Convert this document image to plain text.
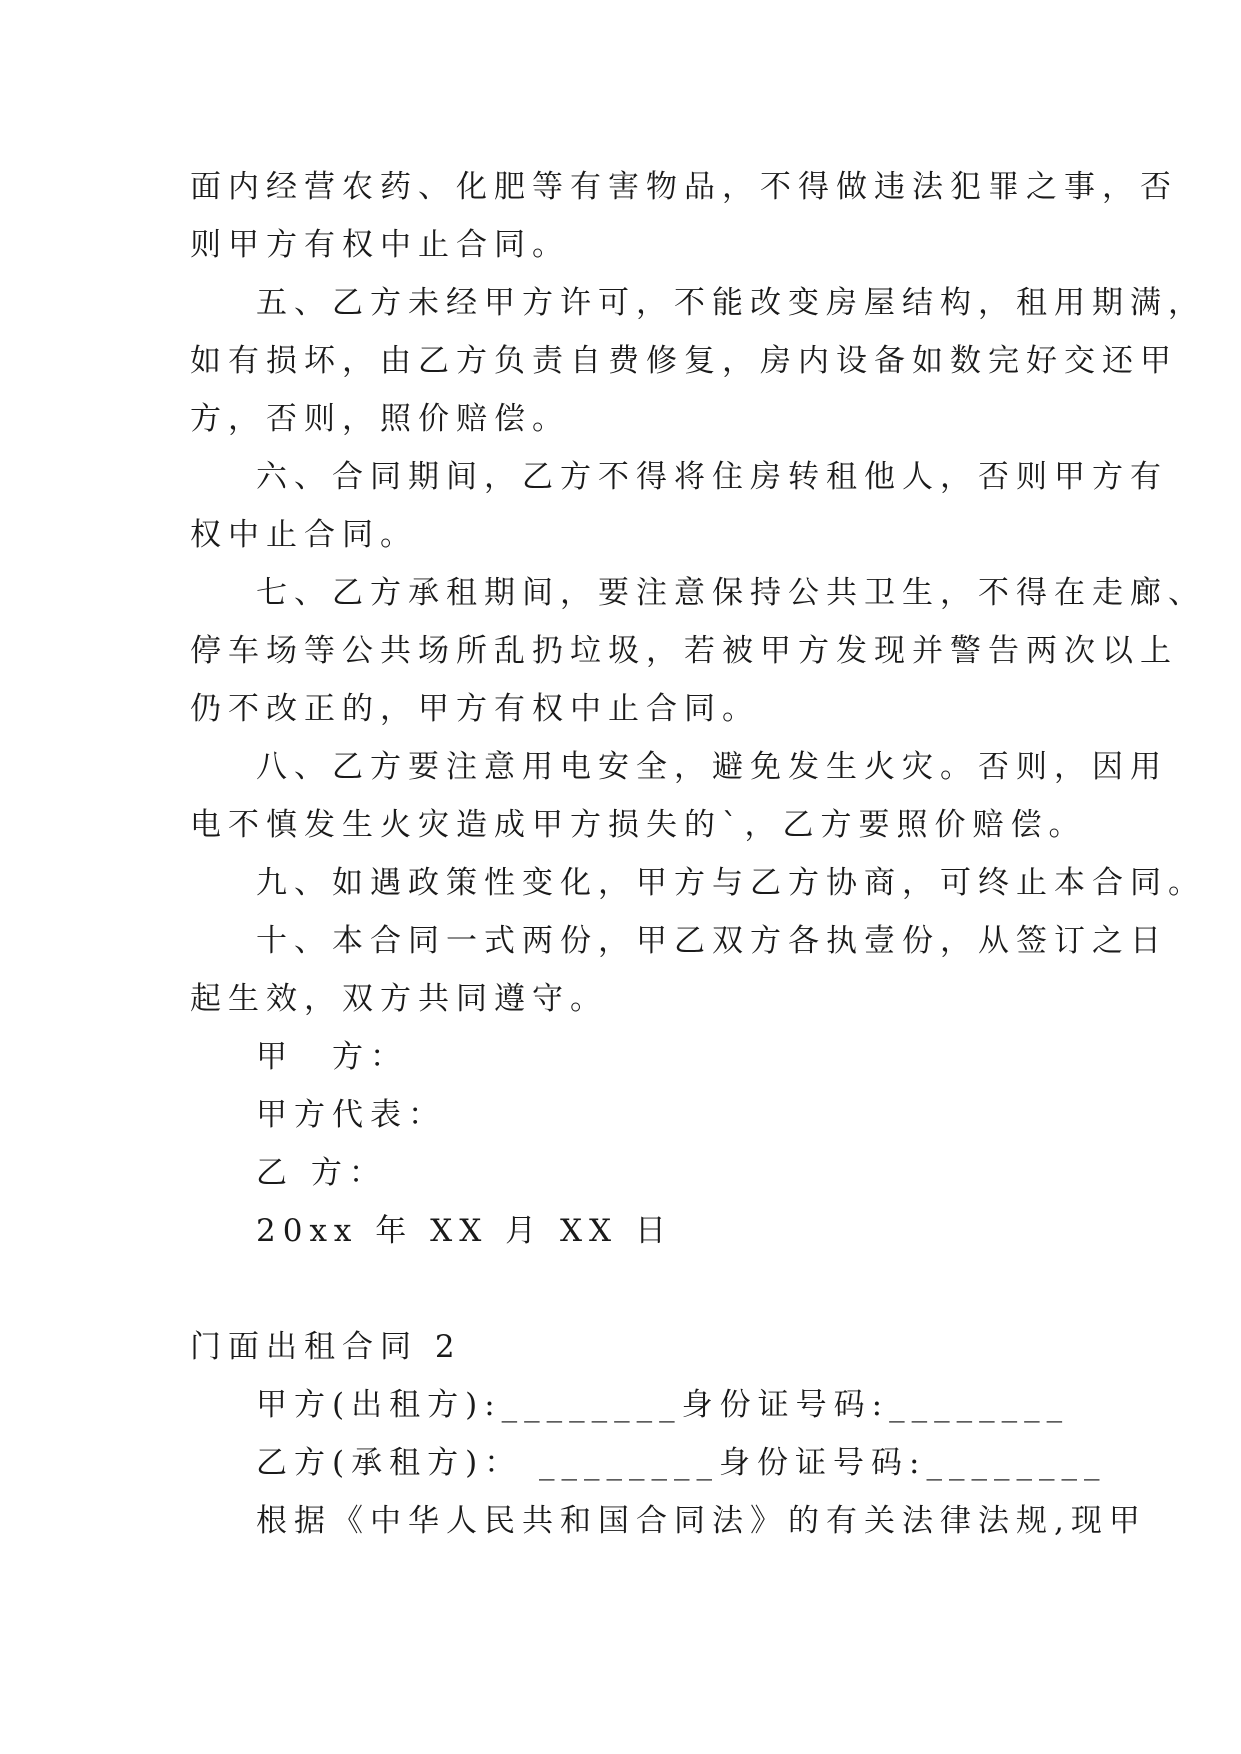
面内经营农药、化肥等有害物品，不得做违法犯罪之事，否
则甲方有权中止合同。
五、乙方未经甲方许可，不能改变房屋结构，租用期满，
如有损坏，由乙方负责自费修复，房内设备如数完好交还甲
方，否则，照价赔偿。
六、合同期间，乙方不得将住房转租他人，否则甲方有
权中止合同。
七、乙方承租期间，要注意保持公共卫生，不得在走廊、
停车场等公共场所乱扔垃圾，若被甲方发现并警告两次以上
仍不改正的，甲方有权中止合同。
八、乙方要注意用电安全，避免发生火灾。否则，因用
电不慎发生火灾造成甲方损失的`，乙方要照价赔偿。
九、如遇政策性变化，甲方与乙方协商，可终止本合同。
十、本合同一式两份，甲乙双方各执壹份，从签订之日
起生效，双方共同遵守。
甲　方：
甲方代表：
乙 方：
20xx 年 XX 月 XX 日
门面出租合同 2
甲方(出租方):________身份证号码:________
乙方(承租方)： ________身份证号码:________
根据《中华人民共和国合同法》的有关法律法规,现甲
